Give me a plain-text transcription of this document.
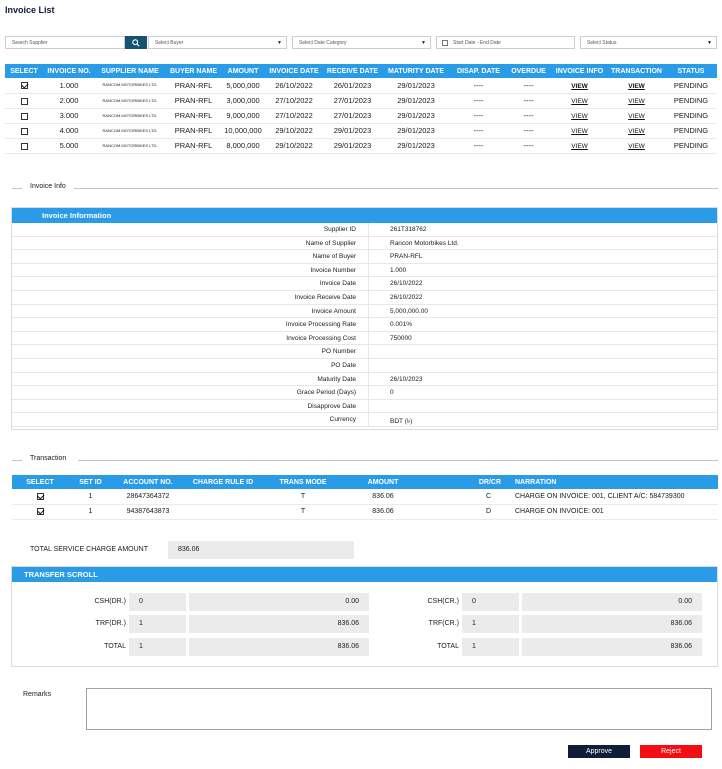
Invoice List
Search Supplier	Select Buyer	▼	Select Date Category	▼	Start Date - End Date	Select Status	▼
SELECT	INVOICE NO.	SUPPLIER NAME	BUYER NAME	AMOUNT	INVOICE DATE	RECEIVE DATE	MATURITY DATE	DISAP. DATE	OVERDUE	INVOICE INFO	TRANSACTION	STATUS
	1.000	RANCOM MOTORBIKES LTD.	PRAN-RFL	5,000,000	26/10/2022	26/01/2023	29/01/2023	----	----	VIEW	VIEW	PENDING
	2.000	RANCOM MOTORBIKES LTD.	PRAN-RFL	3,000,000	27/10/2022	27/01/2023	29/01/2023	----	----	VIEW	VIEW	PENDING
	3.000	RANCOM MOTORBIKES LTD.	PRAN-RFL	9,000,000	27/10/2022	27/01/2023	29/01/2023	----	----	VIEW	VIEW	PENDING
	4.000	RANCOM MOTORBIKES LTD.	PRAN-RFL	10,000,000	29/10/2022	29/01/2023	29/01/2023	----	----	VIEW	VIEW	PENDING
	5.000	RANCOM MOTORBIKES LTD.	PRAN-RFL	8,000,000	29/10/2022	29/01/2023	29/01/2023	----	----	VIEW	VIEW	PENDING
Invoice Info
Invoice Information
Supplier ID	261T318762
Name of Supplier	Rancon Motorbikes Ltd.
Name of Buyer	PRAN-RFL
Invoice Number	1.000
Invoice Date	26/10/2022
Invoice Receive Date	26/10/2022
Invoice Amount	5,000,000.00
Invoice Processing Rate	0.001%
Invoice Processing Cost	750000
PO Number
PO Date
Maturity Date	26/10/2023
Grace Period (Days)	0
Disapprove Date
Currency	BDT (৳)
Transaction
SELECT	SET ID	ACCOUNT NO.	CHARGE RULE ID	TRANS MODE	AMOUNT	DR/CR	NARRATION
	1	28647364372		T	836.06	C	CHARGE ON INVOICE: 001, CLIENT A/C: 584739300
	1	94387643873		T	836.06	D	CHARGE ON INVOICE: 001
TOTAL SERVICE CHARGE AMOUNT	836.06
TRANSFER SCROLL
CSH(DR.)	0	0.00
TRF(DR.)	1	836.06
TOTAL	1	836.06
CSH(CR.)	0	0.00
TRF(CR.)	1	836.06
TOTAL	1	836.06
Remarks
Approve	Reject
